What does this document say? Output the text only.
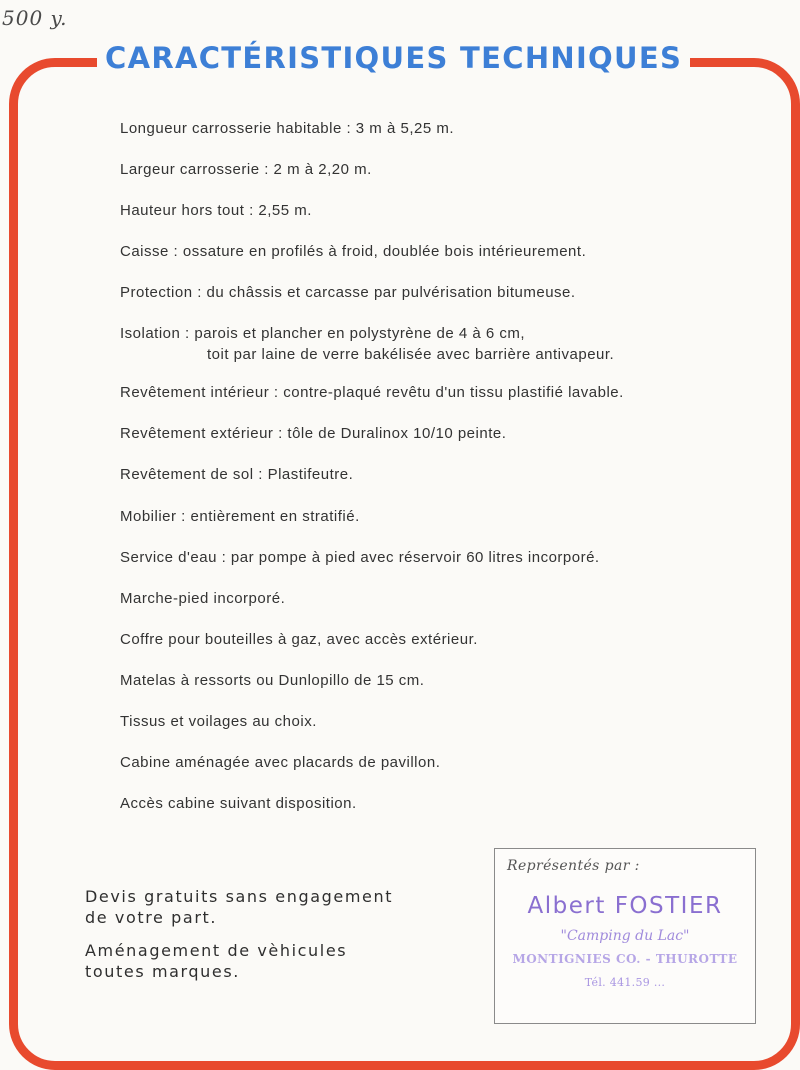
500 y.
CARACTÉRISTIQUES TECHNIQUES
Longueur carrosserie habitable : 3 m à 5,25 m.
Largeur carrosserie : 2 m à 2,20 m.
Hauteur hors tout : 2,55 m.
Caisse : ossature en profilés à froid, doublée bois intérieurement.
Protection : du châssis et carcasse par pulvérisation bitumeuse.
Isolation : parois et plancher en polystyrène de 4 à 6 cm,
toit par laine de verre bakélisée avec barrière antivapeur.
Revêtement intérieur : contre-plaqué revêtu d'un tissu plastifié lavable.
Revêtement extérieur : tôle de Duralinox 10/10 peinte.
Revêtement de sol : Plastifeutre.
Mobilier : entièrement en stratifié.
Service d'eau : par pompe à pied avec réservoir 60 litres incorporé.
Marche-pied incorporé.
Coffre pour bouteilles à gaz, avec accès extérieur.
Matelas à ressorts ou Dunlopillo de 15 cm.
Tissus et voilages au choix.
Cabine aménagée avec placards de pavillon.
Accès cabine suivant disposition.
Devis gratuits sans engagement
de votre part.
Aménagement de vèhicules
toutes marques.
Représentés par :
Albert FOSTIER
"Camping du Lac"
MONTIGNIES CO. - THUROTTE
Tél. 441.59 ...
